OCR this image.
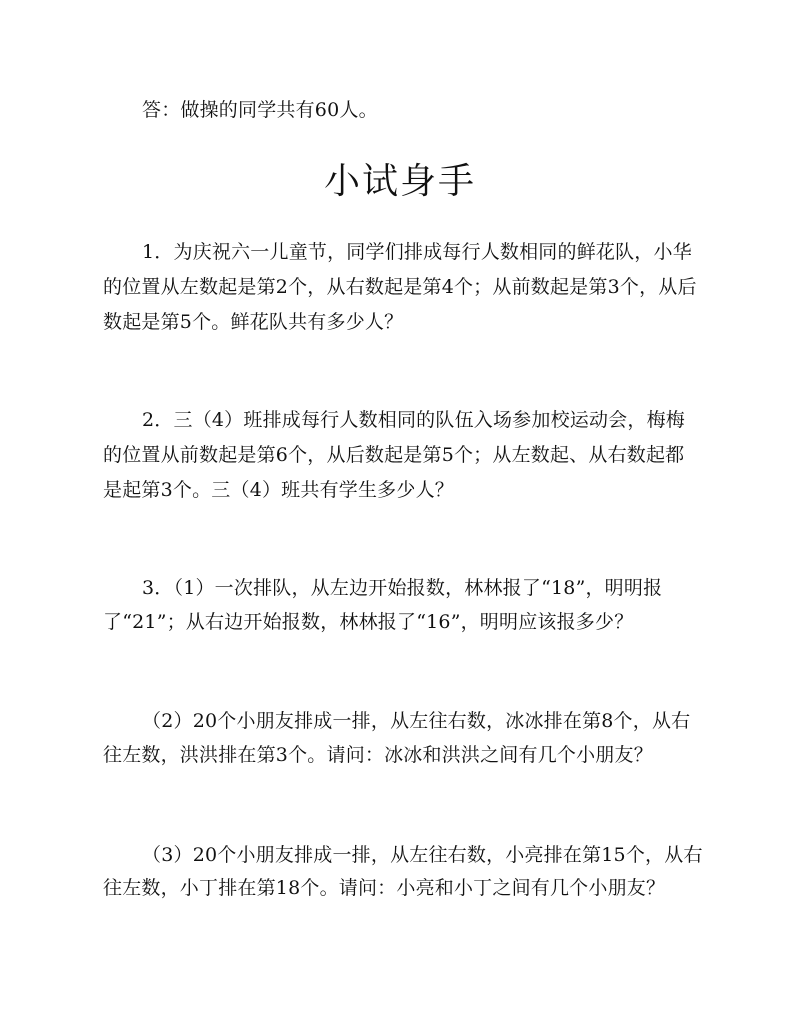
答：做操的同学共有60人。
小试身手
1．为庆祝六一儿童节，同学们排成每行人数相同的鲜花队，小华
的位置从左数起是第2个，从右数起是第4个；从前数起是第3个，从后
数起是第5个。鲜花队共有多少人？
2．三（4）班排成每行人数相同的队伍入场参加校运动会，梅梅
的位置从前数起是第6个，从后数起是第5个；从左数起、从右数起都
是起第3个。三（4）班共有学生多少人？
3．（1）一次排队，从左边开始报数，林林报了“18”，明明报
了“21”；从右边开始报数，林林报了“16”，明明应该报多少？
（2）20个小朋友排成一排，从左往右数，冰冰排在第8个，从右
往左数，洪洪排在第3个。请问：冰冰和洪洪之间有几个小朋友？
（3）20个小朋友排成一排，从左往右数，小亮排在第15个，从右
往左数，小丁排在第18个。请问：小亮和小丁之间有几个小朋友？
